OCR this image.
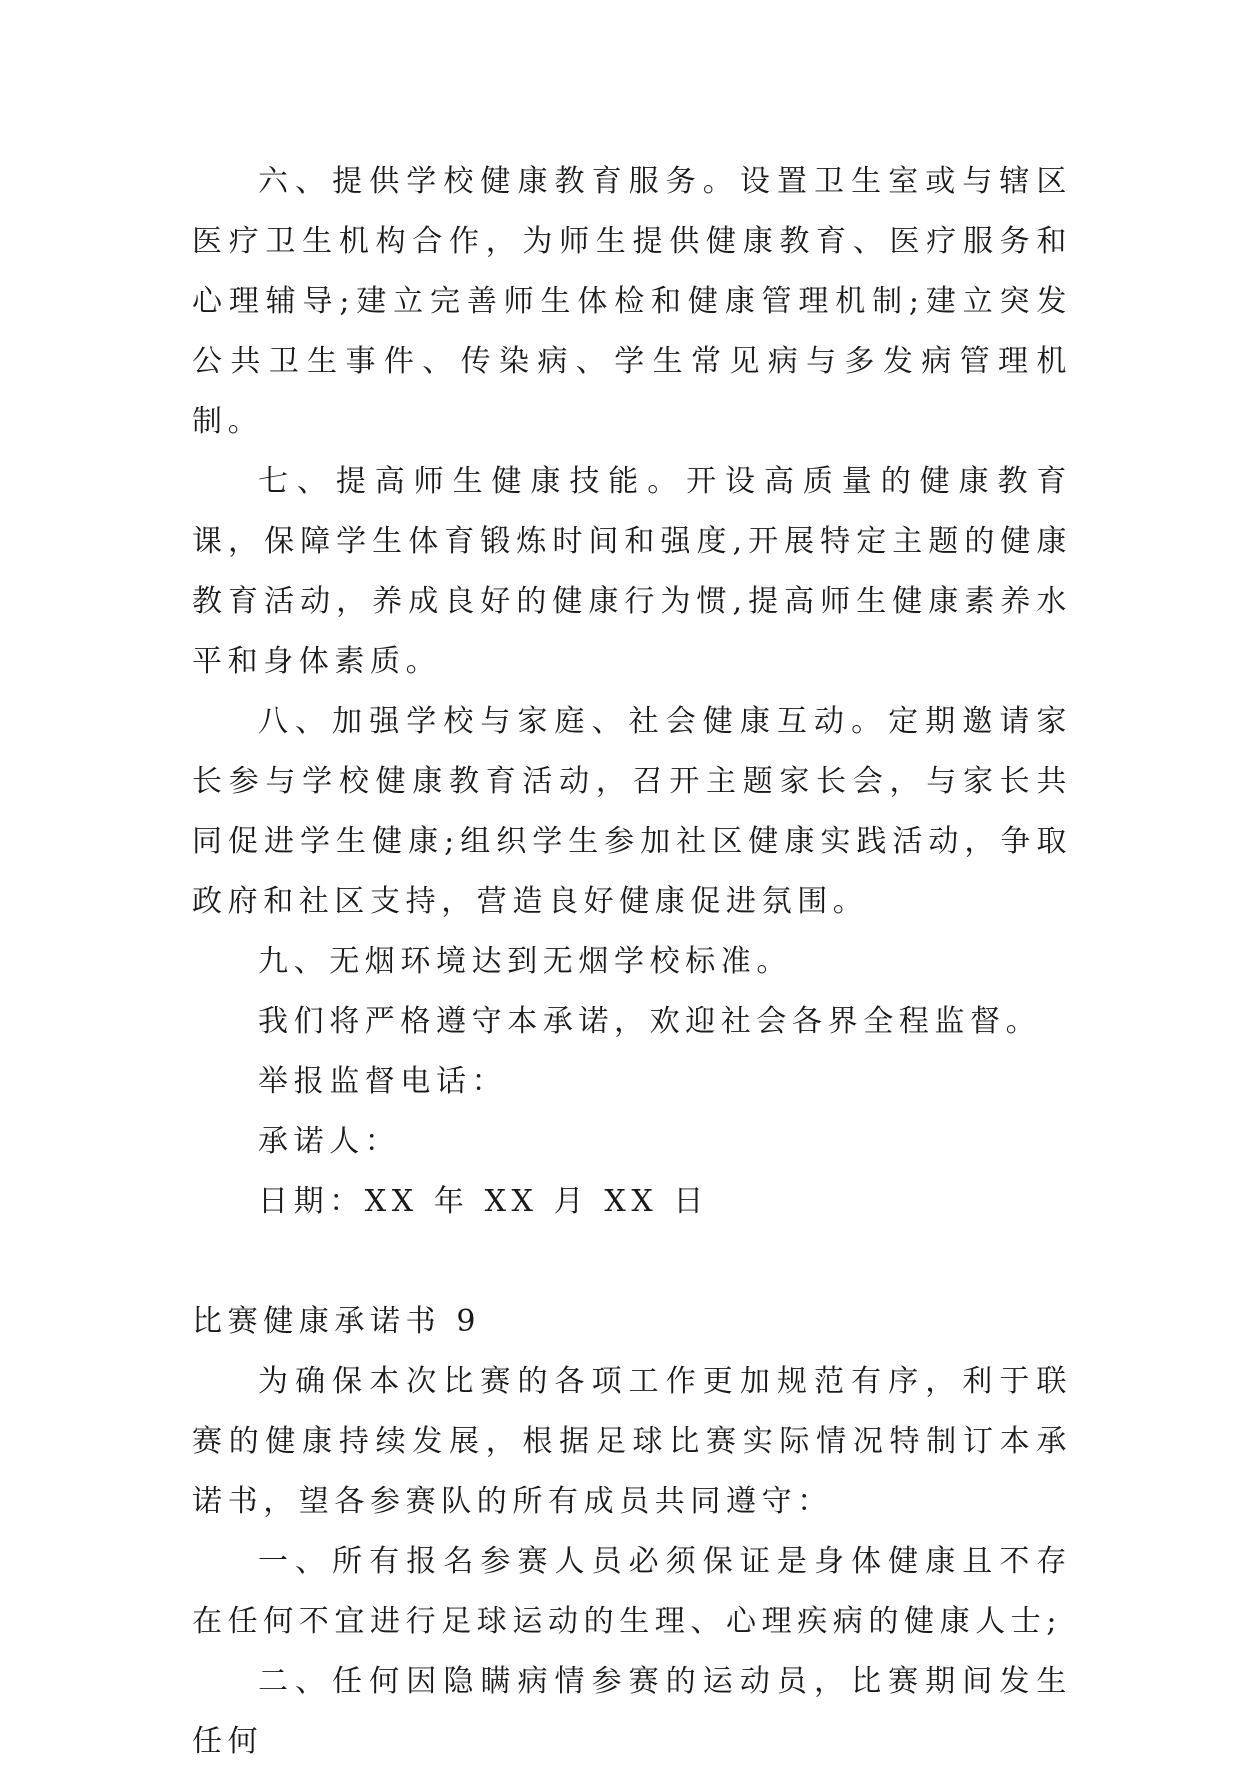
六、提供学校健康教育服务。设置卫生室或与辖区医疗卫生机构合作，为师生提供健康教育、医疗服务和心理辅导;建立完善师生体检和健康管理机制;建立突发公共卫生事件、传染病、学生常见病与多发病管理机制。

七、提高师生健康技能。开设高质量的健康教育课，保障学生体育锻炼时间和强度,开展特定主题的健康教育活动，养成良好的健康行为惯,提高师生健康素养水平和身体素质。

八、加强学校与家庭、社会健康互动。定期邀请家长参与学校健康教育活动，召开主题家长会，与家长共同促进学生健康;组织学生参加社区健康实践活动，争取政府和社区支持，营造良好健康促进氛围。

九、无烟环境达到无烟学校标准。

我们将严格遵守本承诺，欢迎社会各界全程监督。

举报监督电话：

承诺人：

日期：XX 年 XX 月 XX 日

比赛健康承诺书 9

为确保本次比赛的各项工作更加规范有序，利于联赛的健康持续发展，根据足球比赛实际情况特制订本承诺书，望各参赛队的所有成员共同遵守：

一、所有报名参赛人员必须保证是身体健康且不存在任何不宜进行足球运动的生理、心理疾病的健康人士;

二、任何因隐瞒病情参赛的运动员，比赛期间发生任何
